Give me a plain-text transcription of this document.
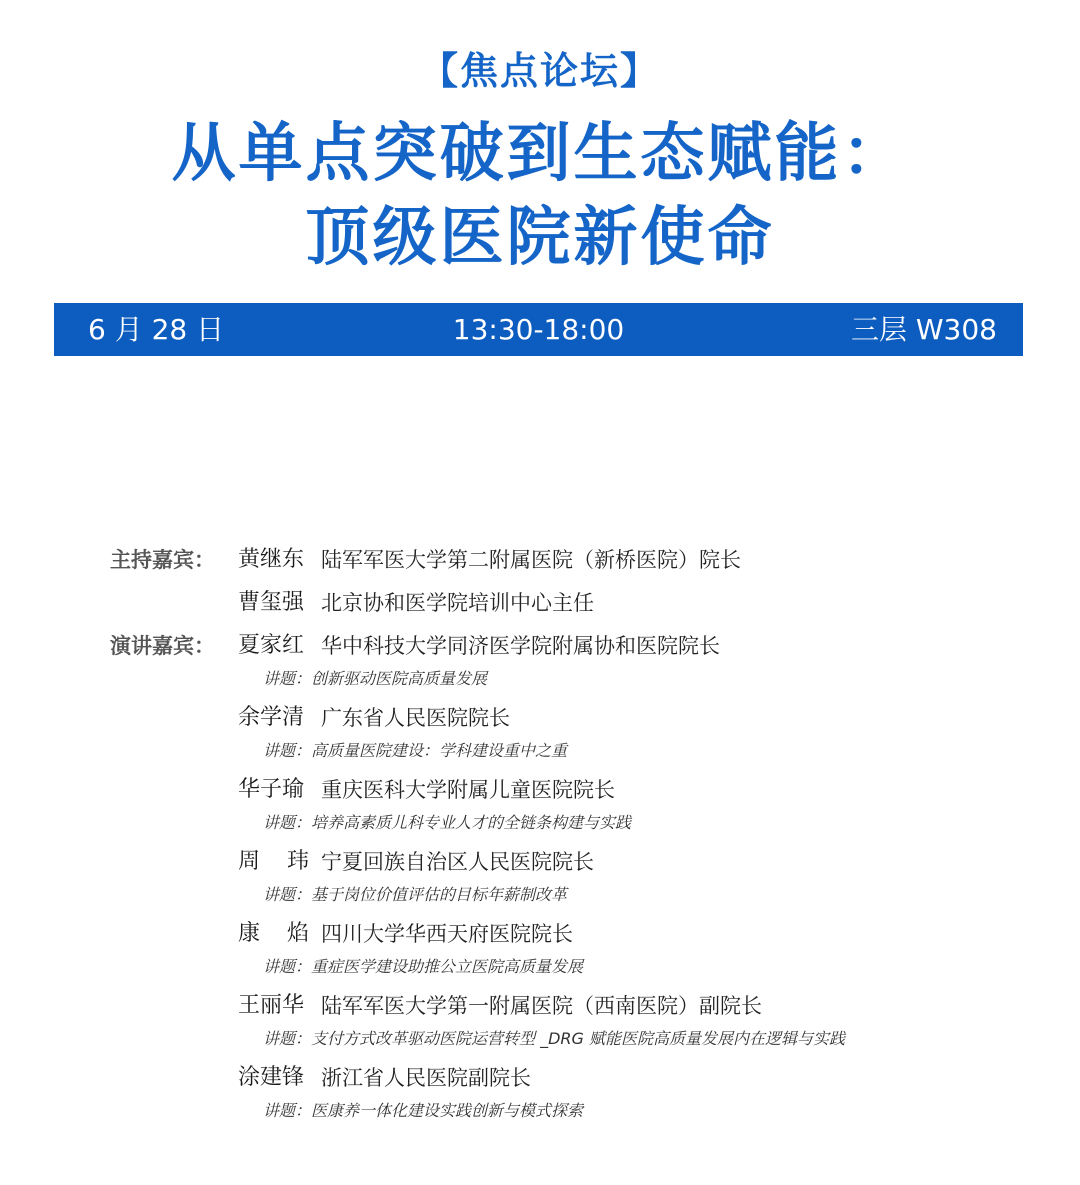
【焦点论坛】
从单点突破到生态赋能：
顶级医院新使命
6 月 28 日	13:30-18:00	三层 W308
主持嘉宾：	黄继东 陆军军医大学第二附属医院（新桥医院）院长
曹玺强 北京协和医学院培训中心主任
演讲嘉宾：	夏家红 华中科技大学同济医学院附属协和医院院长
讲题：创新驱动医院高质量发展
余学清 广东省人民医院院长
讲题：高质量医院建设：学科建设重中之重
华子瑜 重庆医科大学附属儿童医院院长
讲题：培养高素质儿科专业人才的全链条构建与实践
周 玮 宁夏回族自治区人民医院院长
讲题：基于岗位价值评估的目标年薪制改革
康 焰 四川大学华西天府医院院长
讲题：重症医学建设助推公立医院高质量发展
王丽华 陆军军医大学第一附属医院（西南医院）副院长
讲题：支付方式改革驱动医院运营转型 _DRG 赋能医院高质量发展内在逻辑与实践
涂建锋 浙江省人民医院副院长
讲题：医康养一体化建设实践创新与模式探索
